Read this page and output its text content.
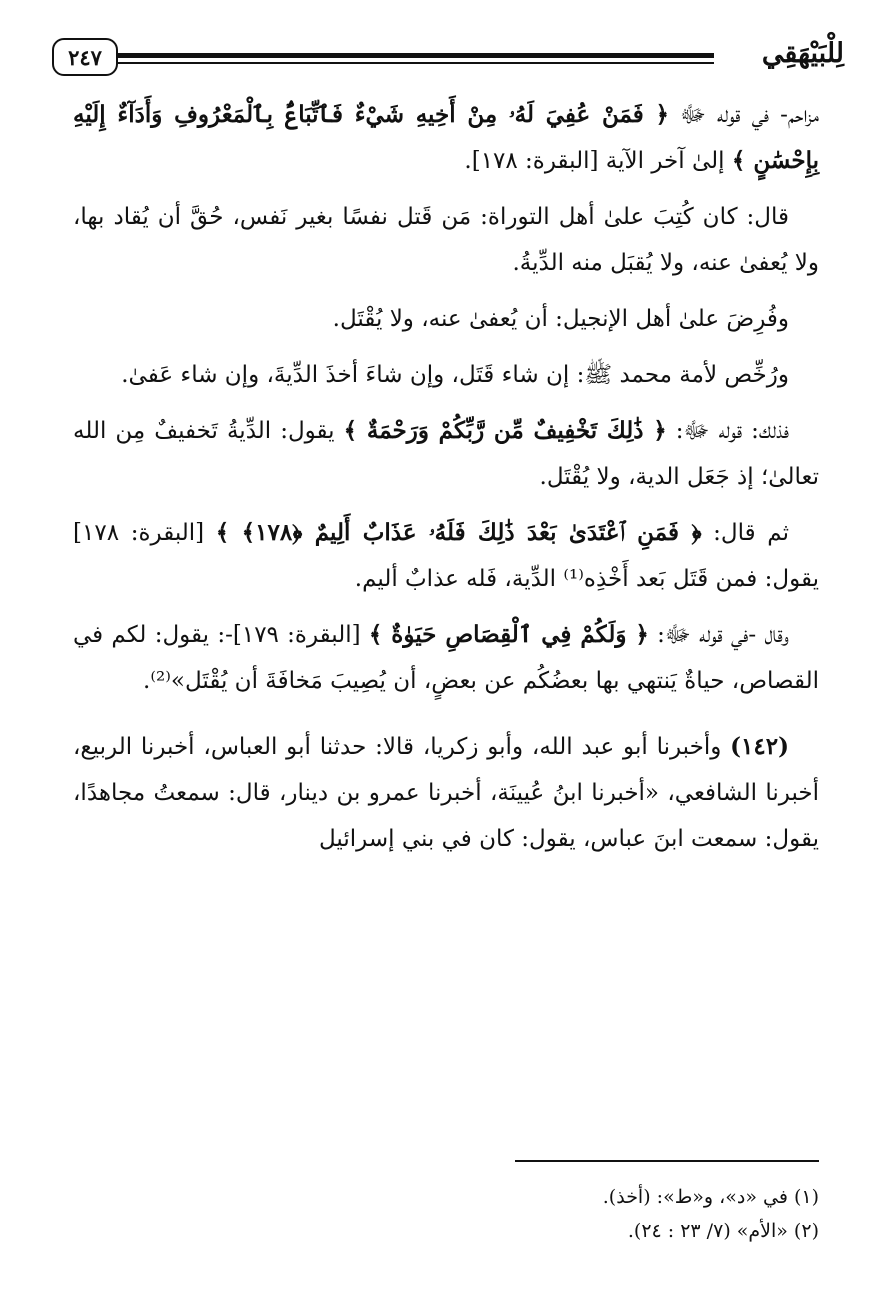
٢٤٧	لِلْبَيْهَقِي

مزاحم- في قوله ﷻ ﴿ فَمَنْ عُفِيَ لَهُۥ مِنْ أَخِيهِ شَيْءٌ فَٱتِّبَاعٌۢ بِٱلْمَعْرُوفِ وَأَدَآءٌ إِلَيْهِ بِإِحْسَٰنٍ ﴾ إلىٰ آخر الآية [البقرة: ١٧٨].

قال: كان كُتِبَ علىٰ أهل التوراة: مَن قَتل نفسًا بغير نَفس، حُقَّ أن يُقاد بها، ولا يُعفىٰ عنه، ولا يُقبَل منه الدِّيةُ.

وفُرِضَ علىٰ أهل الإنجيل: أن يُعفىٰ عنه، ولا يُقْتَل.

ورُخِّص لأمة محمد ﷺ: إن شاء قَتَل، وإن شاءَ أخذَ الدِّيةَ، وإن شاء عَفىٰ.

فذلك: قوله ﷻ: ﴿ ذَٰلِكَ تَخْفِيفٌ مِّن رَّبِّكُمْ وَرَحْمَةٌ ﴾ يقول: الدِّيةُ تَخفيفٌ مِن الله تعالىٰ؛ إذ جَعَل الدية، ولا يُقْتَل.

ثم قال: ﴿ فَمَنِ ٱعْتَدَىٰ بَعْدَ ذَٰلِكَ فَلَهُۥ عَذَابٌ أَلِيمٌ ﴿١٧٨﴾ ﴾ [البقرة: ١٧٨] يقول: فمن قَتَل بَعد أَخْذِه⁽¹⁾ الدِّية، فَله عذابٌ أليم.

وقال -في قوله ﷻ: ﴿ وَلَكُمْ فِي ٱلْقِصَاصِ حَيَوٰةٌ ﴾ [البقرة: ١٧٩]-: يقول: لكم في القصاص، حياةٌ يَنتهي بها بعضُكُم عن بعضٍ، أن يُصِيبَ مَخافَةَ أن يُقْتَل»⁽²⁾.

(١٤٢) وأخبرنا أبو عبد الله، وأبو زكريا، قالا: حدثنا أبو العباس، أخبرنا الربيع، أخبرنا الشافعي، «أخبرنا ابنُ عُيينَة، أخبرنا عمرو بن دينار، قال: سمعتُ مجاهدًا، يقول: سمعت ابنَ عباس، يقول: كان في بني إسرائيل

(١) في «د»، و«ط»: (أخذ).

(٢) «الأم» (٧/ ٢٣ : ٢٤).
